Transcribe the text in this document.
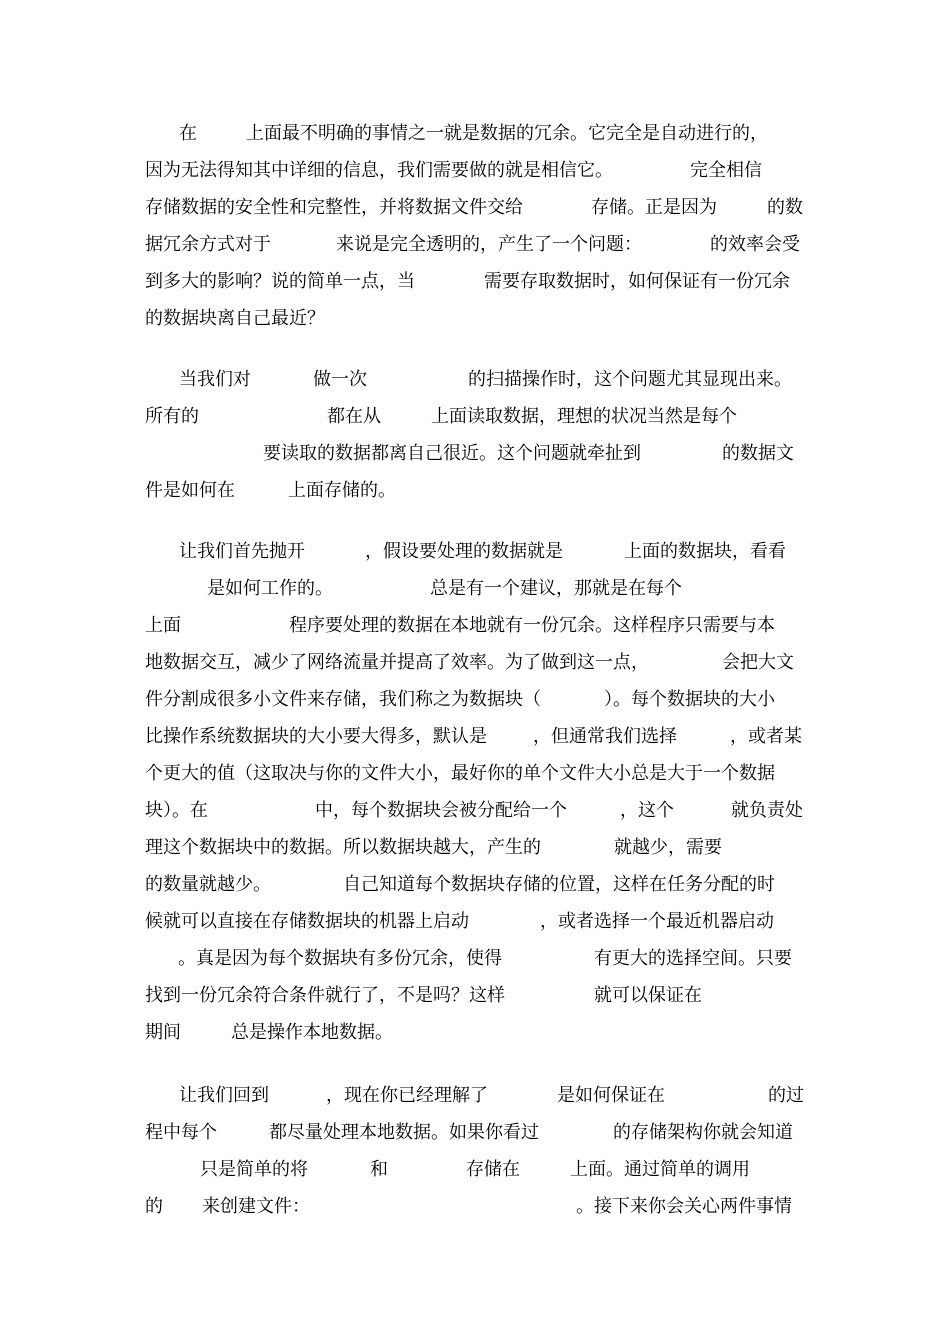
在	上面最不明确的事情之一就是数据的冗余。它完全是自动进行的，
因为无法得知其中详细的信息，我们需要做的就是相信它。	完全相信
存储数据的安全性和完整性，并将数据文件交给	存储。正是因为	的数
据冗余方式对于	来说是完全透明的，产生了一个问题：	的效率会受
到多大的影响？说的简单一点，当	需要存取数据时，如何保证有一份冗余
的数据块离自己最近？
当我们对	做一次	的扫描操作时，这个问题尤其显现出来。
所有的	都在从	上面读取数据，理想的状况当然是每个
要读取的数据都离自己很近。这个问题就牵扯到	的数据文
件是如何在	上面存储的。
让我们首先抛开	，假设要处理的数据就是	上面的数据块，看看
是如何工作的。	总是有一个建议，那就是在每个
上面	程序要处理的数据在本地就有一份冗余。这样程序只需要与本
地数据交互，减少了网络流量并提高了效率。为了做到这一点，	会把大文
件分割成很多小文件来存储，我们称之为数据块（	）。每个数据块的大小
比操作系统数据块的大小要大得多，默认是	，但通常我们选择	，或者某
个更大的值（这取决与你的文件大小，最好你的单个文件大小总是大于一个数据
块）。在	中，每个数据块会被分配给一个	，这个	就负责处
理这个数据块中的数据。所以数据块越大，产生的	就越少，需要
的数量就越少。	自己知道每个数据块存储的位置，这样在任务分配的时
候就可以直接在存储数据块的机器上启动	，或者选择一个最近机器启动
。真是因为每个数据块有多份冗余，使得	有更大的选择空间。只要
找到一份冗余符合条件就行了，不是吗？这样	就可以保证在
期间	总是操作本地数据。
让我们回到	，现在你已经理解了	是如何保证在	的过
程中每个	都尽量处理本地数据。如果你看过	的存储架构你就会知道
只是简单的将	和	存储在	上面。通过简单的调用
的 来创建文件：	。接下来你会关心两件事情
